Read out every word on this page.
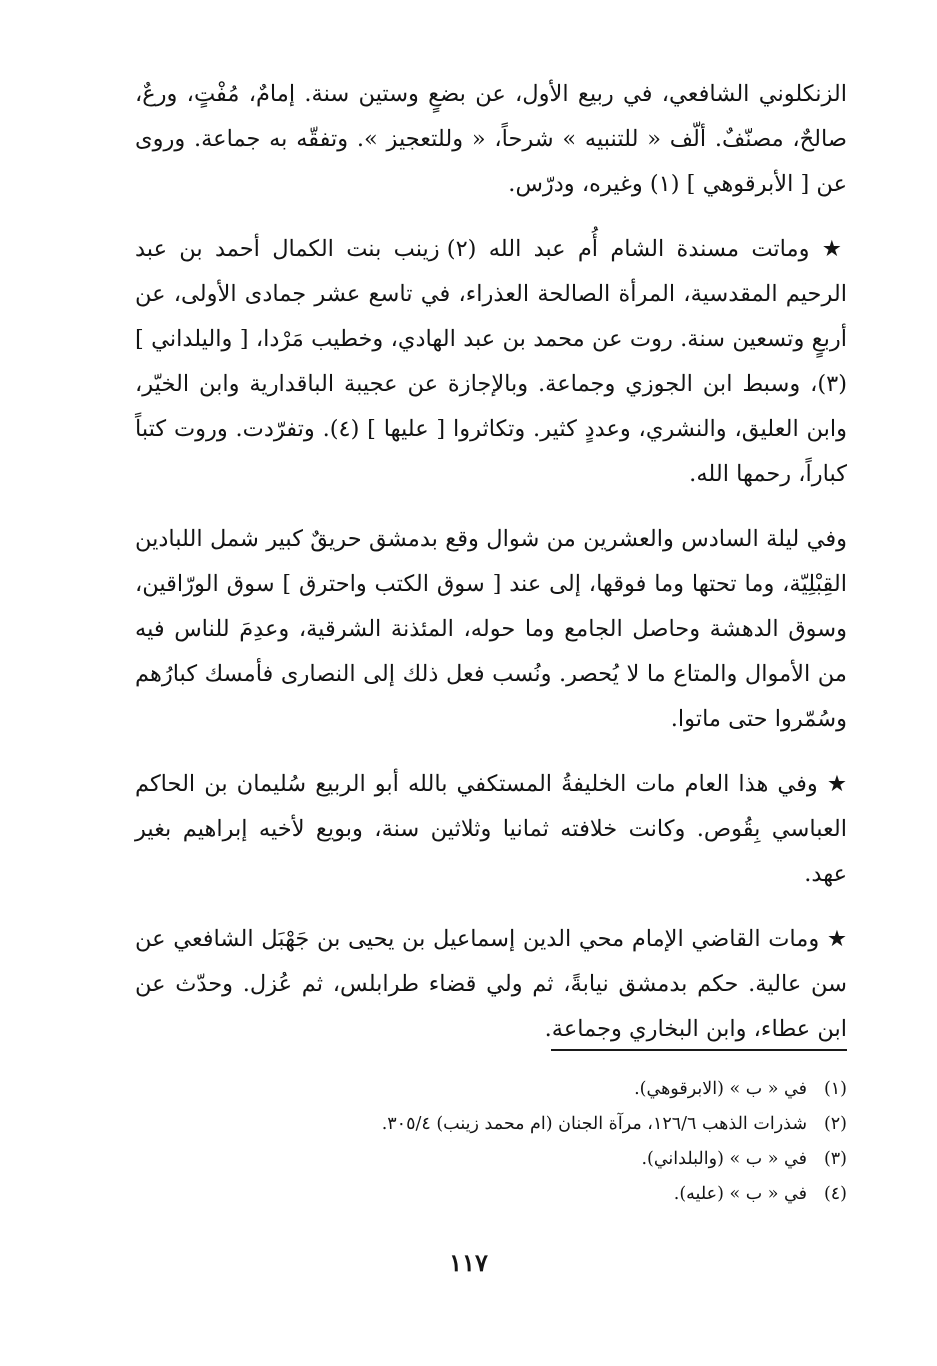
الزنكلوني الشافعي، في ربيع الأول، عن بضعٍ وستين سنة. إمامٌ، مُفْتٍ، ورعٌ، صالحٌ، مصنّفٌ. ألّف « للتنبيه » شرحاً، « وللتعجيز ». وتفقّه به جماعة. وروى عن [ الأبرقوهي ] (١) وغيره، ودرّس.

★ وماتت مسندة الشام أُم عبد الله (٢) زينب بنت الكمال أحمد بن عبد الرحيم المقدسية، المرأة الصالحة العذراء، في تاسع عشر جمادى الأولى، عن أربعٍ وتسعين سنة. روت عن محمد بن عبد الهادي، وخطيب مَرْدا، [ واليلداني ] (٣)، وسبط ابن الجوزي وجماعة. وبالإجازة عن عجيبة الباقدارية وابن الخيّر، وابن العليق، والنشري، وعددٍ كثير. وتكاثروا [ عليها ] (٤). وتفرّدت. وروت كتباً كباراً، رحمها الله.

وفي ليلة السادس والعشرين من شوال وقع بدمشق حريقٌ كبير شمل اللبادين القِبْلِيّة، وما تحتها وما فوقها، إلى عند [ سوق الكتب واحترق ] سوق الورّاقين، وسوق الدهشة وحاصل الجامع وما حوله، المئذنة الشرقية، وعدِمَ للناس فيه من الأموال والمتاع ما لا يُحصر. ونُسب فعل ذلك إلى النصارى فأمسك كبارُهم وسُمّروا حتى ماتوا.

★ وفي هذا العام مات الخليفةُ المستكفي بالله أبو الربيع سُليمان بن الحاكم العباسي بِقُوص. وكانت خلافته ثمانيا وثلاثين سنة، وبويع لأخيه إبراهيم بغير عهد.

★ ومات القاضي الإمام محي الدين إسماعيل بن يحيى بن جَهْبَل الشافعي عن سن عالية. حكم بدمشق نيابةً، ثم ولي قضاء طرابلس، ثم عُزل. وحدّث عن ابن عطاء، وابن البخاري وجماعة.

(١)في « ب » (الابرقوهي).
(٢)شذرات الذهب ١٢٦/٦، مرآة الجنان (ام محمد زينب) ٣٠٥/٤.
(٣)في « ب » (والبلداني).
(٤)في « ب » (عليه).
١١٧
